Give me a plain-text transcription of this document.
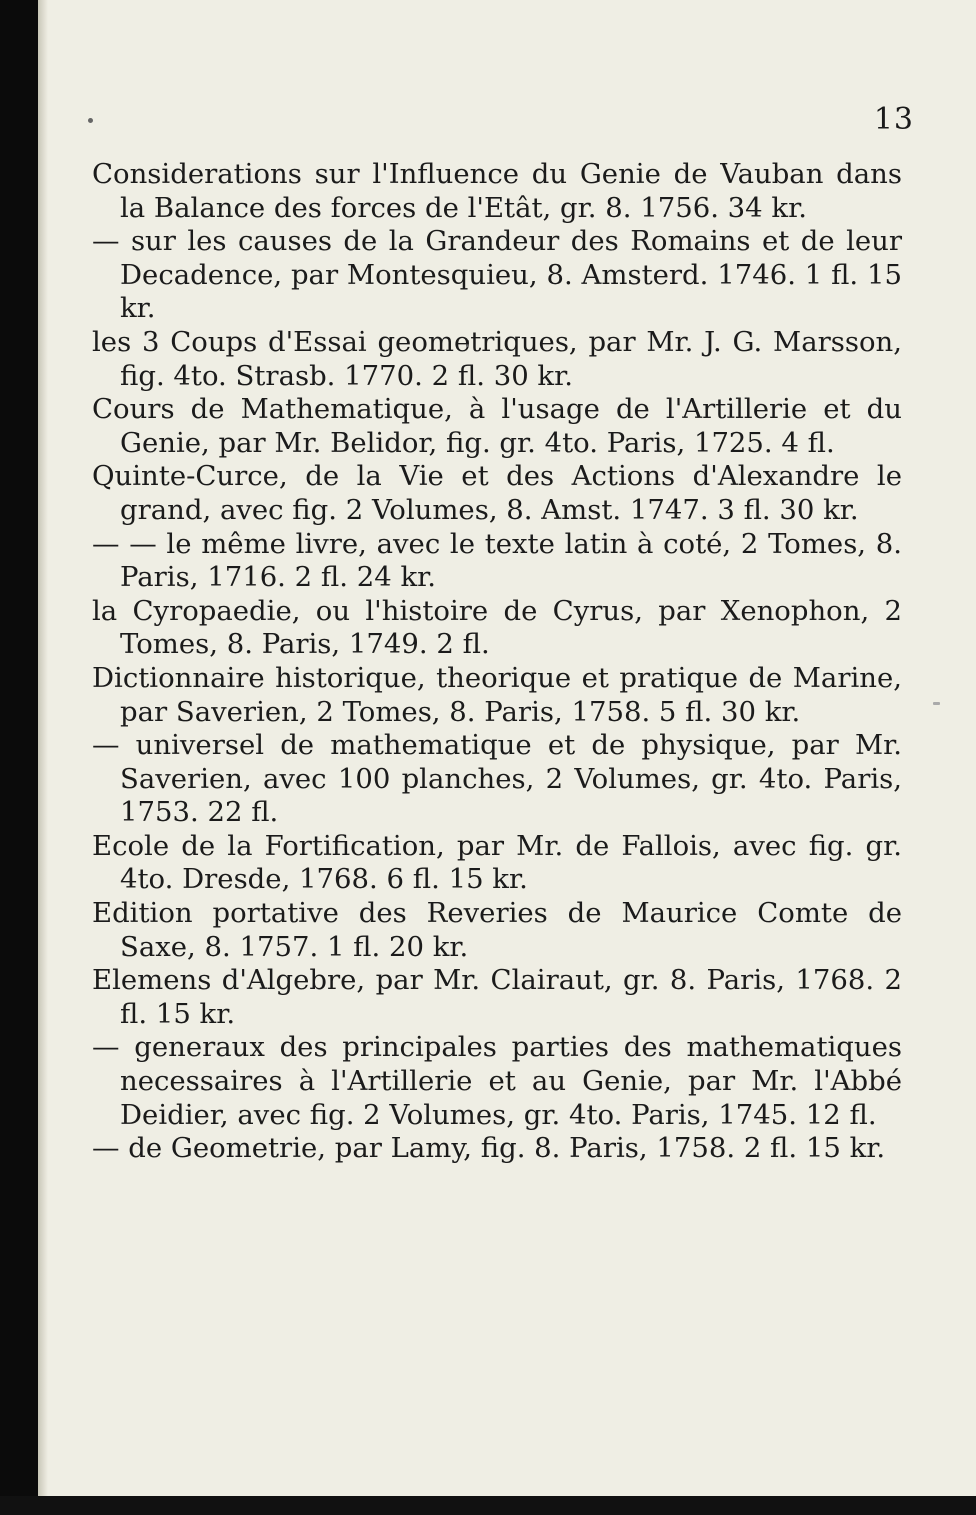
13

Considerations sur l'Influence du Genie de Vauban dans la Balance des forces de l'Etât, gr. 8. 1756. 34 kr.

— sur les causes de la Grandeur des Romains et de leur Decadence, par Montesquieu, 8. Amsterd. 1746. 1 fl. 15 kr.

les 3 Coups d'Essai geometriques, par Mr. J. G. Marsson, fig. 4to. Strasb. 1770. 2 fl. 30 kr.

Cours de Mathematique, à l'usage de l'Artillerie et du Genie, par Mr. Belidor, fig. gr. 4to. Paris, 1725. 4 fl.

Quinte-Curce, de la Vie et des Actions d'Alexandre le grand, avec fig. 2 Volumes, 8. Amst. 1747. 3 fl. 30 kr.

— — le même livre, avec le texte latin à coté, 2 Tomes, 8. Paris, 1716. 2 fl. 24 kr.

la Cyropaedie, ou l'histoire de Cyrus, par Xenophon, 2 Tomes, 8. Paris, 1749. 2 fl.

Dictionnaire historique, theorique et pratique de Marine, par Saverien, 2 Tomes, 8. Paris, 1758. 5 fl. 30 kr.

— universel de mathematique et de physique, par Mr. Saverien, avec 100 planches, 2 Volumes, gr. 4to. Paris, 1753. 22 fl.

Ecole de la Fortification, par Mr. de Fallois, avec fig. gr. 4to. Dresde, 1768. 6 fl. 15 kr.

Edition portative des Reveries de Maurice Comte de Saxe, 8. 1757. 1 fl. 20 kr.

Elemens d'Algebre, par Mr. Clairaut, gr. 8. Paris, 1768. 2 fl. 15 kr.

— generaux des principales parties des mathematiques necessaires à l'Artillerie et au Genie, par Mr. l'Abbé Deidier, avec fig. 2 Volumes, gr. 4to. Paris, 1745. 12 fl.

— de Geometrie, par Lamy, fig. 8. Paris, 1758. 2 fl. 15 kr.
